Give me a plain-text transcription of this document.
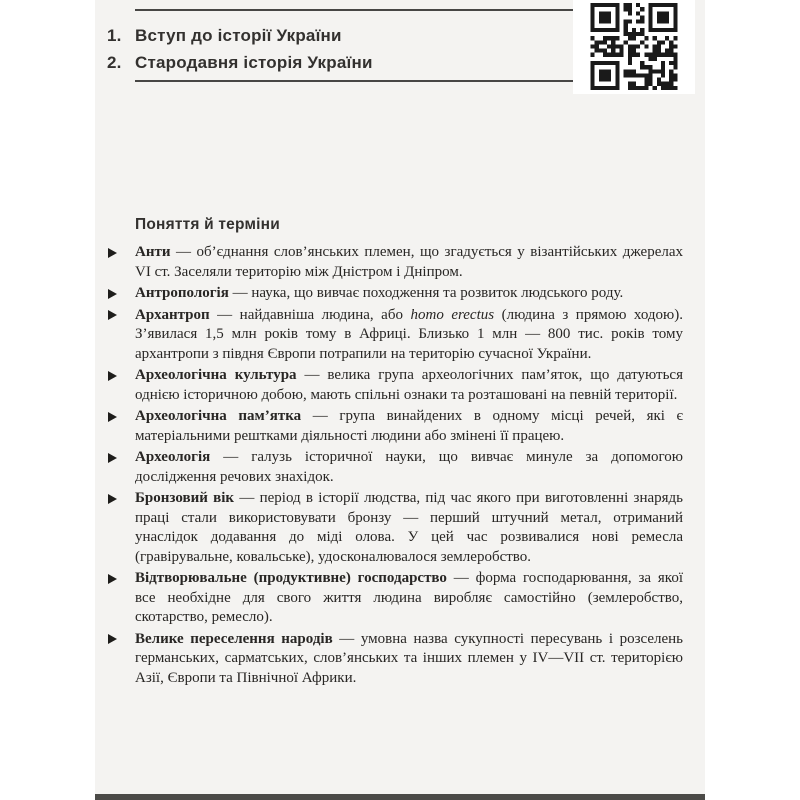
1. Вступ до історії України
2. Стародавня історія України
Поняття й терміни
Анти — об’єднання слов’янських племен, що згадується у візантійських джерелах VI ст. Заселяли територію між Дністром і Дніпром.
Антропологія — наука, що вивчає походження та розвиток людського роду.
Архантроп — найдавніша людина, або homo erectus (людина з прямою ходою). З’явилася 1,5 млн років тому в Африці. Близько 1 млн — 800 тис. років тому архантропи з півдня Європи потрапили на територію сучасної України.
Археологічна культура — велика група археологічних пам’яток, що датуються однією історичною добою, мають спільні ознаки та розташовані на певній території.
Археологічна пам’ятка — група винайдених в одному місці речей, які є матеріальними рештками діяльності людини або змінені її працею.
Археологія — галузь історичної науки, що вивчає минуле за допомогою дослідження речових знахідок.
Бронзовий вік — період в історії людства, під час якого при виготовленні знарядь праці стали використовувати бронзу — перший штучний метал, отриманий унаслідок додавання до міді олова. У цей час розвивалися нові ремесла (гравірувальне, ковальське), удосконалювалося землеробство.
Відтворювальне (продуктивне) господарство — форма господарювання, за якої все необхідне для свого життя людина виробляє самостійно (землеробство, скотарство, ремесло).
Велике переселення народів — умовна назва сукупності пересувань і розселень германських, сарматських, слов’янських та інших племен у IV—VII ст. територією Азії, Європи та Північної Африки.
